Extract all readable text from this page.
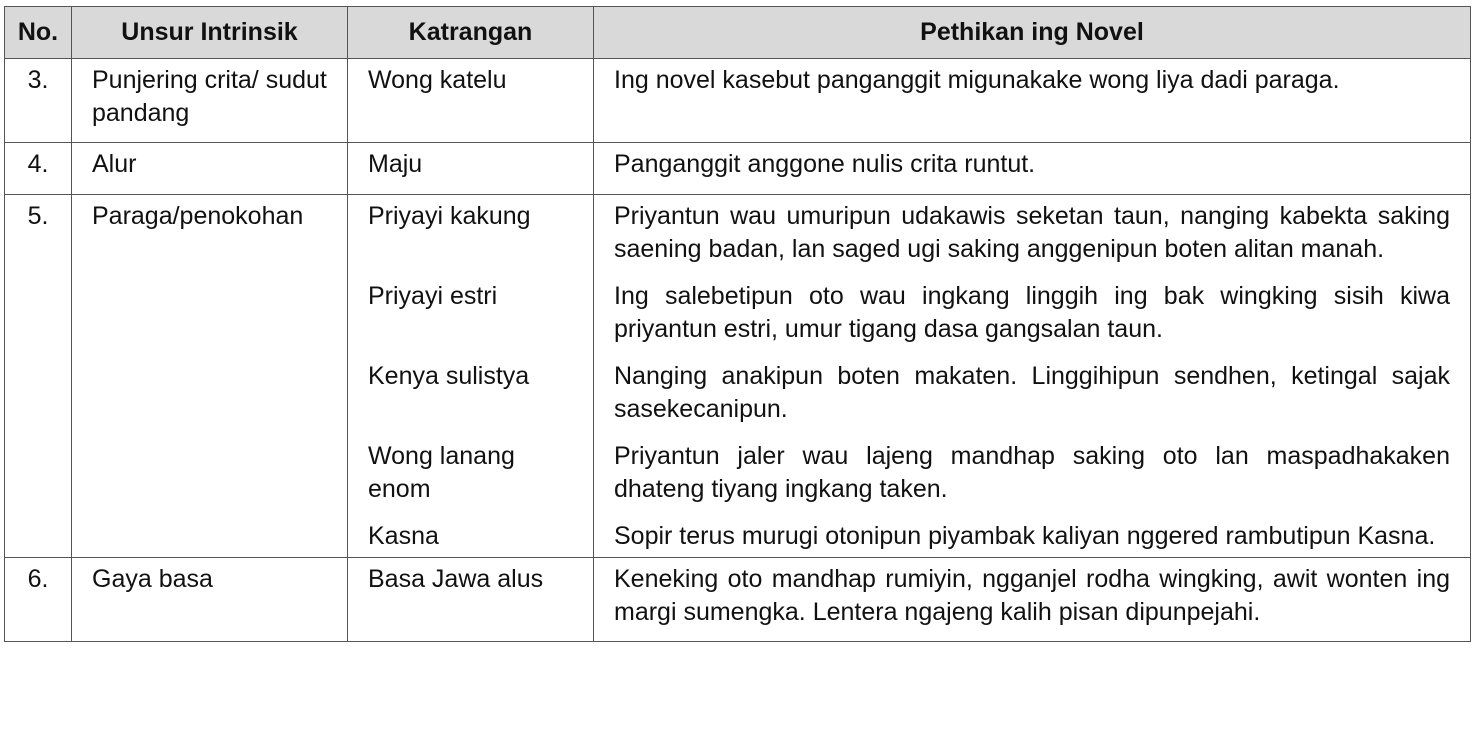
No.	Unsur Intrinsik	Katrangan	Pethikan ing Novel
3.	Punjering crita/ sudut pandang	Wong katelu	Ing novel kasebut panganggit migunakake wong liya dadi paraga.
4.	Alur	Maju	Panganggit anggone nulis crita runtut.
5.	Paraga/penokohan	Priyayi kakung	Priyantun wau umuripun udakawis seketan taun, nanging kabekta saking saening badan, lan saged ugi saking anggenipun boten alitan manah.
		Priyayi estri	Ing salebetipun oto wau ingkang linggih ing bak wingking sisih kiwa priyantun estri, umur tigang dasa gangsalan taun.
		Kenya sulistya	Nanging anakipun boten makaten. Linggihipun sendhen, ketingal sajak sasekecanipun.
		Wong lanang enom	Priyantun jaler wau lajeng mandhap saking oto lan maspadhakaken dhateng tiyang ingkang taken.
		Kasna	Sopir terus murugi otonipun piyambak kaliyan nggered rambutipun Kasna.
6.	Gaya basa	Basa Jawa alus	Keneking oto mandhap rumiyin, ngganjel rodha wingking, awit wonten ing margi sumengka. Lentera ngajeng kalih pisan dipunpejahi.
